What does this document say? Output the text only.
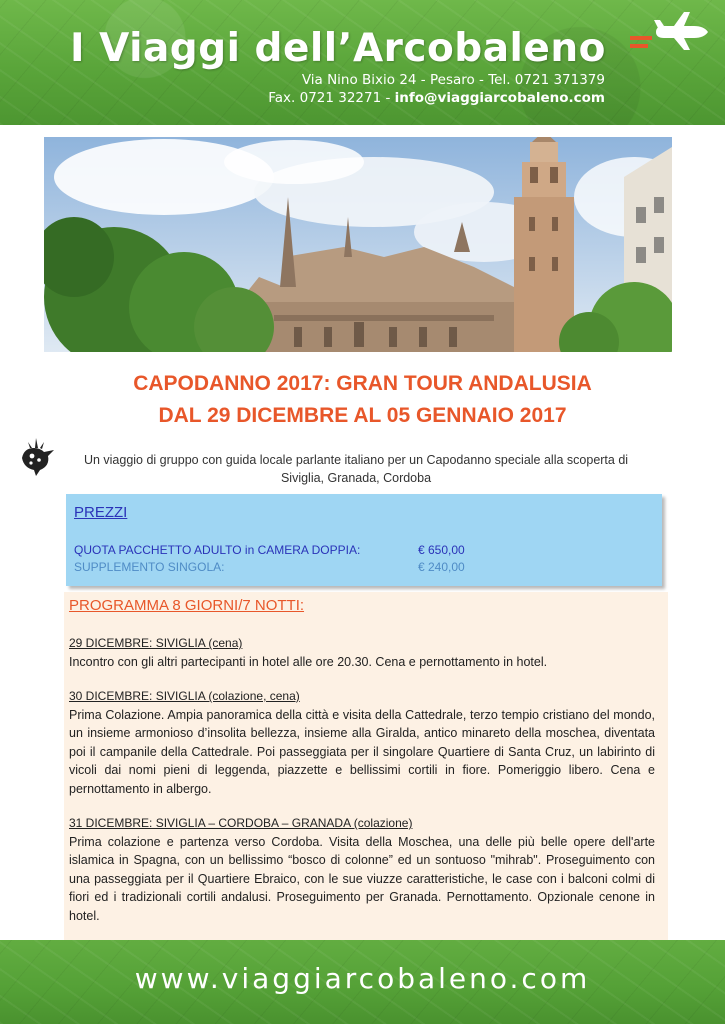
I Viaggi dell’Arcobaleno
Via Nino Bixio 24 - Pesaro - Tel. 0721 371379
Fax. 0721 32271 - info@viaggiarcobaleno.com
CAPODANNO 2017: GRAN TOUR ANDALUSIA
DAL 29 DICEMBRE AL 05 GENNAIO 2017
Un viaggio di gruppo con guida locale parlante italiano per un Capodanno speciale alla scoperta di Siviglia, Granada, Cordoba
PREZZI
QUOTA PACCHETTO ADULTO in CAMERA DOPPIA:	€ 650,00
SUPPLEMENTO SINGOLA:	€ 240,00
PROGRAMMA 8 GIORNI/7 NOTTI:

29 DICEMBRE: SIVIGLIA (cena)

Incontro con gli altri partecipanti in hotel alle ore 20.30. Cena e pernottamento in hotel.

30 DICEMBRE: SIVIGLIA (colazione, cena)

Prima Colazione. Ampia panoramica della città e visita della Cattedrale, terzo tempio cristiano del mondo, un insieme armonioso d’insolita bellezza, insieme alla Giralda, antico minareto della moschea, diventata poi il campanile della Cattedrale. Poi passeggiata per il singolare Quartiere di Santa Cruz, un labirinto di vicoli dai nomi pieni di leggenda, piazzette e bellissimi cortili in fiore. Pomeriggio libero. Cena e pernottamento in albergo.

31 DICEMBRE: SIVIGLIA – CORDOBA – GRANADA (colazione)

Prima colazione e partenza verso Cordoba. Visita della Moschea, una delle più belle opere dell'arte islamica in Spagna, con un bellissimo “bosco di colonne” ed un sontuoso "mihrab". Proseguimento con una passeggiata per il Quartiere Ebraico, con le sue viuzze caratteristiche, le case con i balconi colmi di fiori ed i tradizionali cortili andalusi. Proseguimento per Granada. Pernottamento. Opzionale cenone in hotel.

www.viaggiarcobaleno.com
